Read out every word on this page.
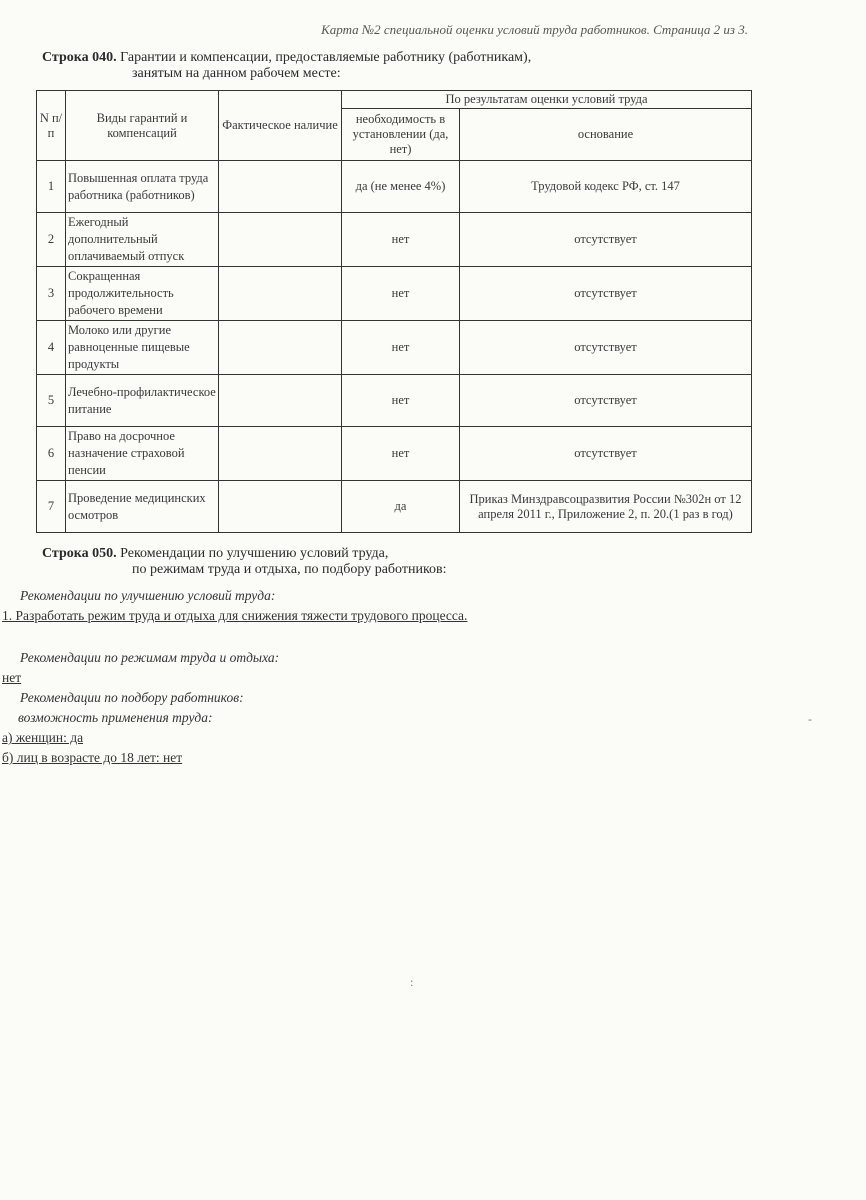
Карта №2 специальной оценки условий труда работников. Страница 2 из 3.
Строка 040. Гарантии и компенсации, предоставляемые работнику (работникам),
занятым на данном рабочем месте:
N п/п	Виды гарантий и компенсаций	Фактическое наличие	По результатам оценки условий труда	
			необходимость в установлении (да, нет)	основание
1	Повышенная оплата труда работника (работников)		да (не менее 4%)	Трудовой кодекс РФ, ст. 147
2	Ежегодный дополнительный оплачиваемый отпуск		нет	отсутствует
3	Сокращенная продолжительность рабочего времени		нет	отсутствует
4	Молоко или другие равноценные пищевые продукты		нет	отсутствует
5	Лечебно-профилактическое питание		нет	отсутствует
6	Право на досрочное назначение страховой пенсии		нет	отсутствует
7	Проведение медицинских осмотров		да	Приказ Минздравсоцразвития России №302н от 12 апреля 2011 г., Приложение 2, п. 20.(1 раз в год)
Строка 050. Рекомендации по улучшению условий труда,
по режимам труда и отдыха, по подбору работников:
Рекомендации по улучшению условий труда:
1. Разработать режим труда и отдыха для снижения тяжести трудового процесса.
Рекомендации по режимам труда и отдыха:
нет
Рекомендации по подбору работников:
возможность применения труда:
а) женщин: да
б) лиц в возрасте до 18 лет: нет
:
-
